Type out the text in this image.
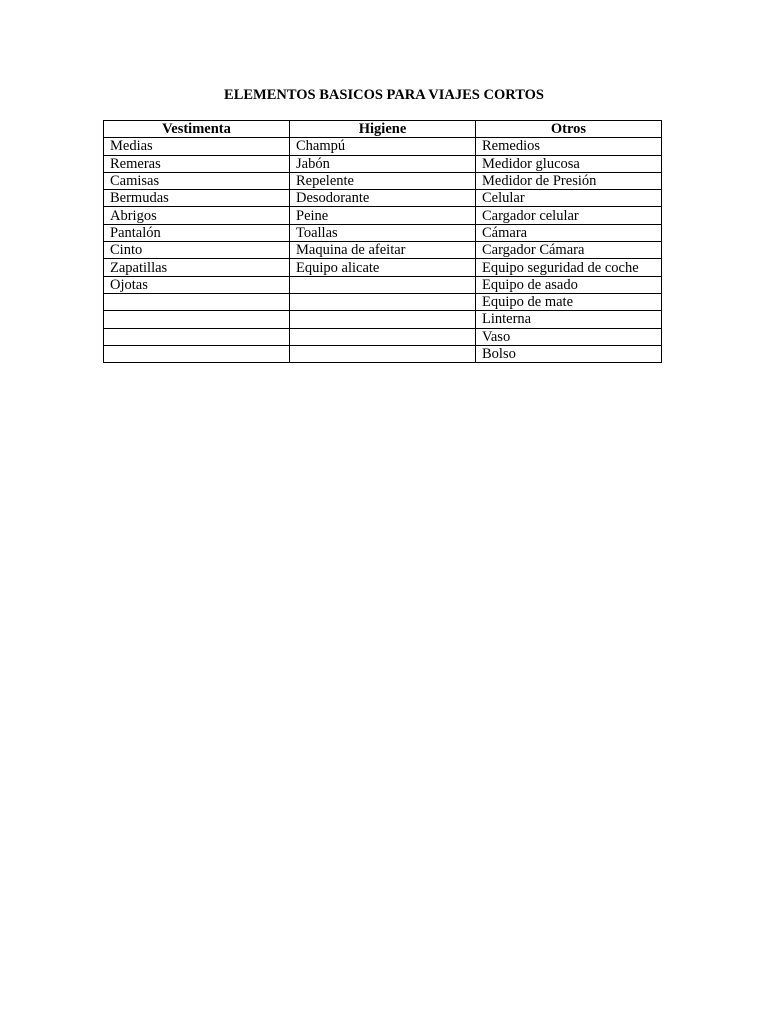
ELEMENTOS BASICOS PARA VIAJES CORTOS
Vestimenta	Higiene	Otros
Medias	Champú	Remedios
Remeras	Jabón	Medidor glucosa
Camisas	Repelente	Medidor de Presión
Bermudas	Desodorante	Celular
Abrigos	Peine	Cargador celular
Pantalón	Toallas	Cámara
Cinto	Maquina de afeitar	Cargador Cámara
Zapatillas	Equipo alicate	Equipo seguridad de coche
Ojotas		Equipo de asado
		Equipo de mate
		Linterna
		Vaso
		Bolso
